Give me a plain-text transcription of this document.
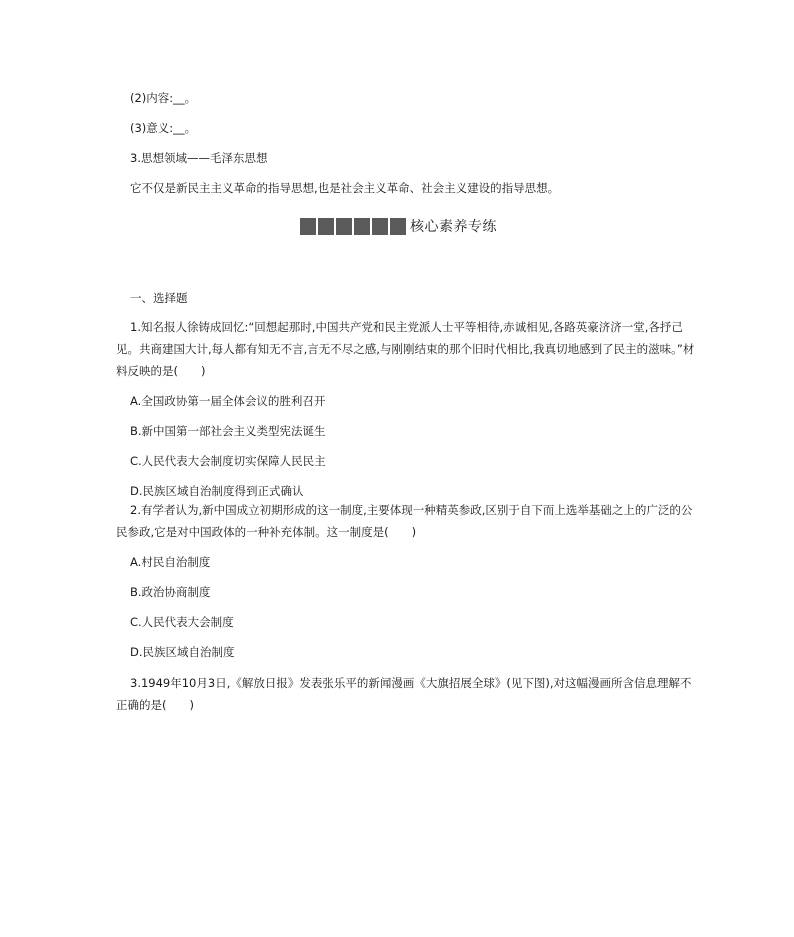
(2)内容:__。
(3)意义:__。
3.思想领域——毛泽东思想
它不仅是新民主主义革命的指导思想,也是社会主义革命、社会主义建设的指导思想。
核心素养专练
一、选择题
1.知名报人徐铸成回忆:“回想起那时,中国共产党和民主党派人士平等相待,赤诚相见,各路英豪济济一堂,各抒己
见。共商建国大计,每人都有知无不言,言无不尽之感,与刚刚结束的那个旧时代相比,我真切地感到了民主的滋味。”材
料反映的是(　　)
A.全国政协第一届全体会议的胜利召开
B.新中国第一部社会主义类型宪法诞生
C.人民代表大会制度切实保障人民民主
D.民族区域自治制度得到正式确认
2.有学者认为,新中国成立初期形成的这一制度,主要体现一种精英参政,区别于自下而上选举基础之上的广泛的公
民参政,它是对中国政体的一种补充体制。这一制度是(　　)
A.村民自治制度
B.政治协商制度
C.人民代表大会制度
D.民族区域自治制度
3.1949年10月3日,《解放日报》发表张乐平的新闻漫画《大旗招展全球》(见下图),对这幅漫画所含信息理解不
正确的是(　　)
